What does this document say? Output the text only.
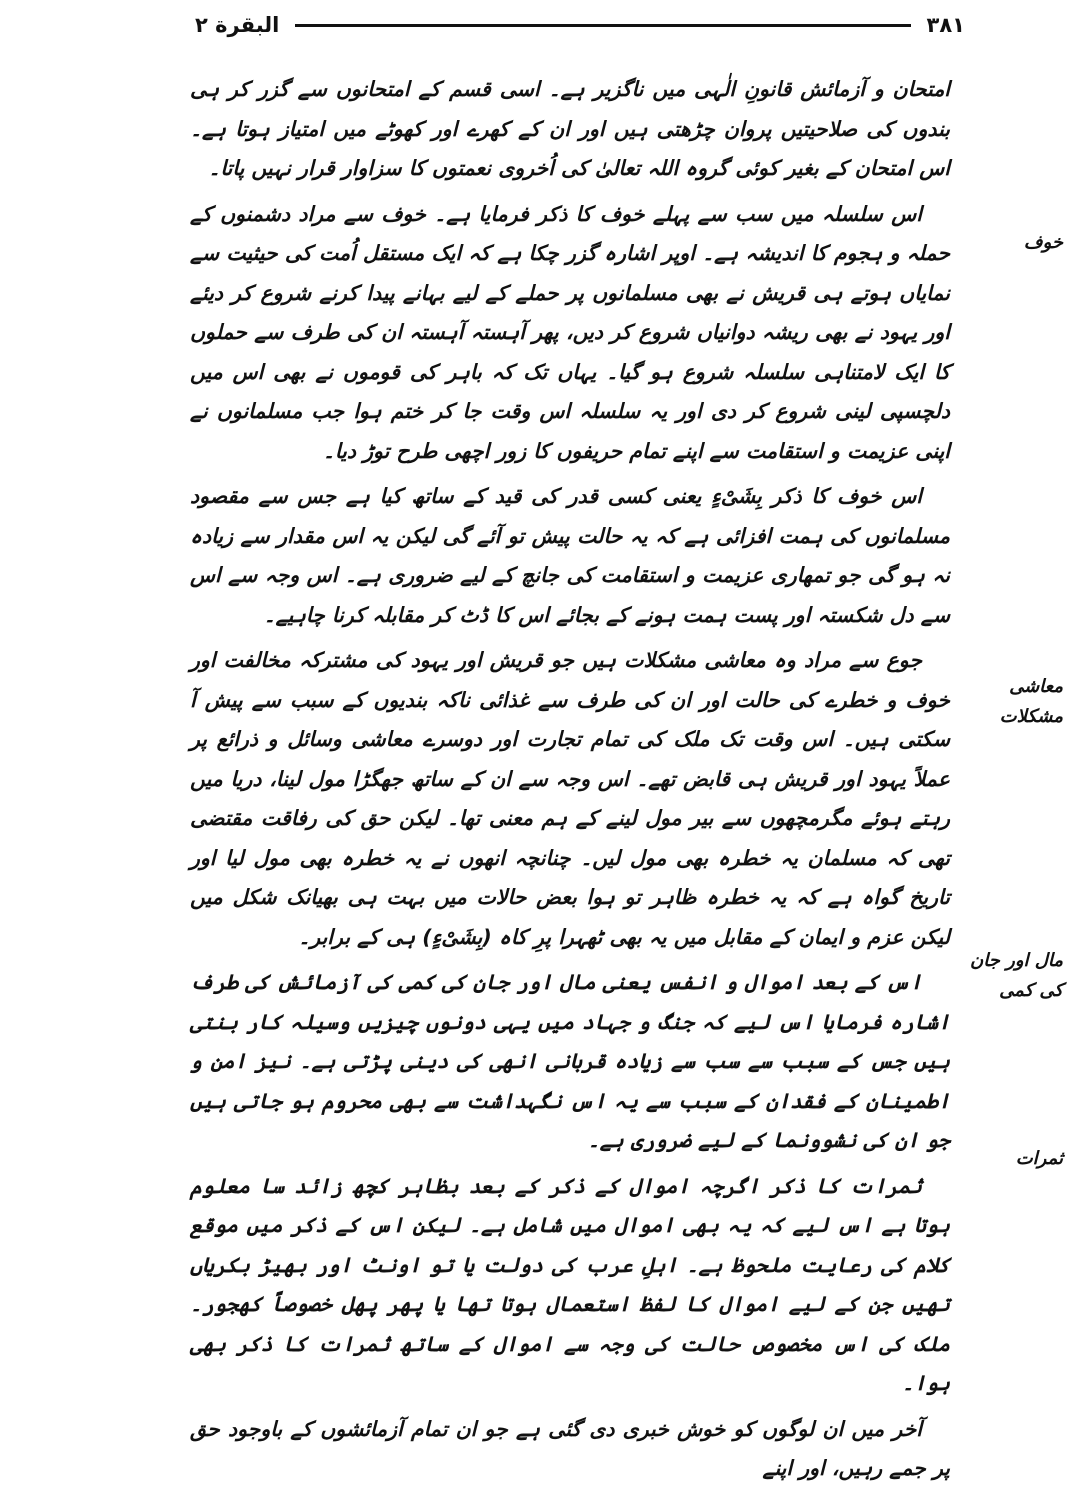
۳۸۱
البقرة ۲
خوف
معاشی مشکلات
مال اور جان کی کمی
ثمرات

امتحان و آزمائش قانونِ الٰہی میں ناگزیر ہے۔ اسی قسم کے امتحانوں سے گزر کر ہی بندوں کی صلاحیتیں پروان چڑھتی ہیں اور ان کے کھرے اور کھوٹے میں امتیاز ہوتا ہے۔ اس امتحان کے بغیر کوئی گروہ اللہ تعالیٰ کی اُخروی نعمتوں کا سزاوار قرار نہیں پاتا۔

اس سلسلہ میں سب سے پہلے خوف کا ذکر فرمایا ہے۔ خوف سے مراد دشمنوں کے حملہ و ہجوم کا اندیشہ ہے۔ اوپر اشارہ گزر چکا ہے کہ ایک مستقل اُمت کی حیثیت سے نمایاں ہوتے ہی قریش نے بھی مسلمانوں پر حملے کے لیے بہانے پیدا کرنے شروع کر دیئے اور یہود نے بھی ریشہ دوانیاں شروع کر دیں، پھر آہستہ آہستہ ان کی طرف سے حملوں کا ایک لامتناہی سلسلہ شروع ہو گیا۔ یہاں تک کہ باہر کی قوموں نے بھی اس میں دلچسپی لینی شروع کر دی اور یہ سلسلہ اس وقت جا کر ختم ہوا جب مسلمانوں نے اپنی عزیمت و استقامت سے اپنے تمام حریفوں کا زور اچھی طرح توڑ دیا۔

اس خوف کا ذکر بِشَیْءٍ یعنی کسی قدر کی قید کے ساتھ کیا ہے جس سے مقصود مسلمانوں کی ہمت افزائی ہے کہ یہ حالت پیش تو آئے گی لیکن یہ اس مقدار سے زیادہ نہ ہو گی جو تمھاری عزیمت و استقامت کی جانچ کے لیے ضروری ہے۔ اس وجہ سے اس سے دل شکستہ اور پست ہمت ہونے کے بجائے اس کا ڈٹ کر مقابلہ کرنا چاہیے۔

جوع سے مراد وہ معاشی مشکلات ہیں جو قریش اور یہود کی مشترکہ مخالفت اور خوف و خطرے کی حالت اور ان کی طرف سے غذائی ناکہ بندیوں کے سبب سے پیش آ سکتی ہیں۔ اس وقت تک ملک کی تمام تجارت اور دوسرے معاشی وسائل و ذرائع پر عملاً یہود اور قریش ہی قابض تھے۔ اس وجہ سے ان کے ساتھ جھگڑا مول لینا، دریا میں رہتے ہوئے مگرمچھوں سے بیر مول لینے کے ہم معنی تھا۔ لیکن حق کی رفاقت مقتضی تھی کہ مسلمان یہ خطرہ بھی مول لیں۔ چنانچہ انھوں نے یہ خطرہ بھی مول لیا اور تاریخ گواہ ہے کہ یہ خطرہ ظاہر تو ہوا بعض حالات میں بہت ہی بھیانک شکل میں لیکن عزم و ایمان کے مقابل میں یہ بھی ٹھہرا پرِ کاہ (بِشَیْءٍ) ہی کے برابر۔

اس کے بعد اموال و انفس یعنی مال اور جان کی کمی کی آزمائش کی طرف اشارہ فرمایا اس لیے کہ جنگ و جہاد میں یہی دونوں چیزیں وسیلہ کار بنتی ہیں جس کے سبب سے سب سے زیادہ قربانی انھی کی دینی پڑتی ہے۔ نیز امن و اطمینان کے فقدان کے سبب سے یہ اس نگہداشت سے بھی محروم ہو جاتی ہیں جو ان کی نشوونما کے لیے ضروری ہے۔

ثمرات کا ذکر اگرچہ اموال کے ذکر کے بعد بظاہر کچھ زائد سا معلوم ہوتا ہے اس لیے کہ یہ بھی اموال میں شامل ہے۔ لیکن اس کے ذکر میں موقع کلام کی رعایت ملحوظ ہے۔ اہلِ عرب کی دولت یا تو اونٹ اور بھیڑ بکریاں تھیں جن کے لیے اموال کا لفظ استعمال ہوتا تھا یا پھر پھل خصوصاً کھجور۔ ملک کی اس مخصوص حالت کی وجہ سے اموال کے ساتھ ثمرات کا ذکر بھی ہوا۔

آخر میں ان لوگوں کو خوش خبری دی گئی ہے جو ان تمام آزمائشوں کے باوجود حق پر جمے رہیں، اور اپنے
